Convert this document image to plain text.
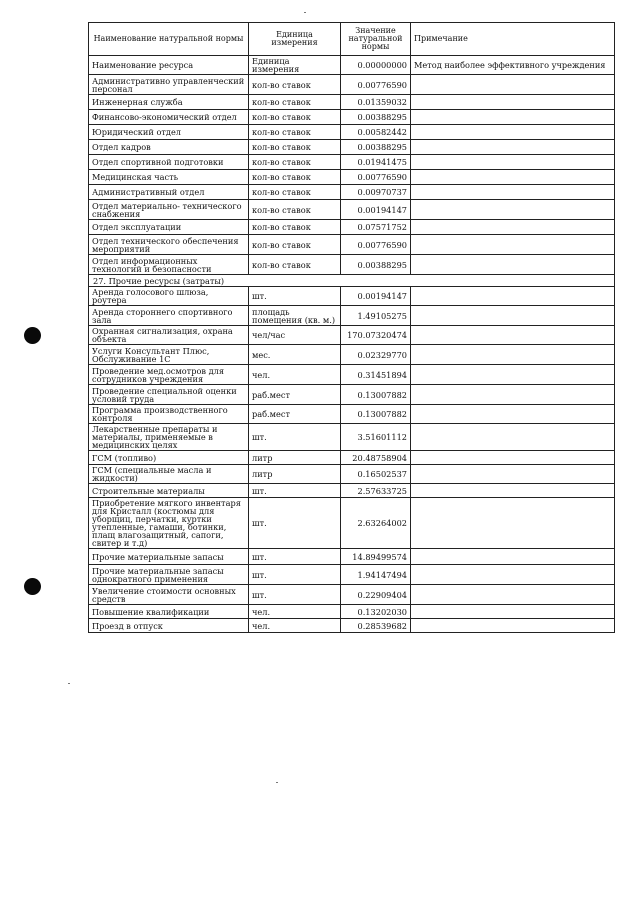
Наименование натуральной нормы	Единица измерения	Значение натуральной нормы	Примечание
Наименование ресурса	Единица измерения	0.00000000	Метод наиболее эффективного учреждения
Административно управленческий персонал	кол-во ставок	0.00776590	
Инженерная служба	кол-во ставок	0.01359032	
Финансово-экономический отдел	кол-во ставок	0.00388295	
Юридический отдел	кол-во ставок	0.00582442	
Отдел кадров	кол-во ставок	0.00388295	
Отдел спортивной подготовки	кол-во ставок	0.01941475	
Медицинская часть	кол-во ставок	0.00776590	
Административный отдел	кол-во ставок	0.00970737	
Отдел материально- технического снабжения	кол-во ставок	0.00194147	
Отдел эксплуатации	кол-во ставок	0.07571752	
Отдел технического обеспечения мероприятий	кол-во ставок	0.00776590	
Отдел информационных технологий и безопасности	кол-во ставок	0.00388295	
27. Прочие ресурсы (затраты)			
Аренда голосового шлюза, роутера	шт.	0.00194147	
Аренда стороннего спортивного зала	площадь помещения (кв. м.)	1.49105275	
Охранная сигнализация, охрана объекта	чел/час	170.07320474	
Услуги Консультант Плюс, Обслуживание 1С	мес.	0.02329770	
Проведение мед.осмотров для сотрудников учреждения	чел.	0.31451894	
Проведение специальной оценки условий труда	раб.мест	0.13007882	
Программа производственного контроля	раб.мест	0.13007882	
Лекарственные препараты и материалы, применяемые в медицинских целях	шт.	3.51601112	
ГСМ (топливо)	литр	20.48758904	
ГСМ (специальные масла и жидкости)	литр	0.16502537	
Строительные материалы	шт.	2.57633725	
Приобретение мягкого инвентаря для Кристалл (костюмы для уборщиц, перчатки, куртки утепленные, гамаши, ботинки, плащ влагозащитный, сапоги, свитер и т.д)	шт.	2.63264002	
Прочие материальные запасы	шт.	14.89499574	
Прочие материальные запасы однократного применения	шт.	1.94147494	
Увеличение стоимости основных средств	шт.	0.22909404	
Повышение квалификации	чел.	0.13202030	
Проезд в отпуск	чел.	0.28539682	
